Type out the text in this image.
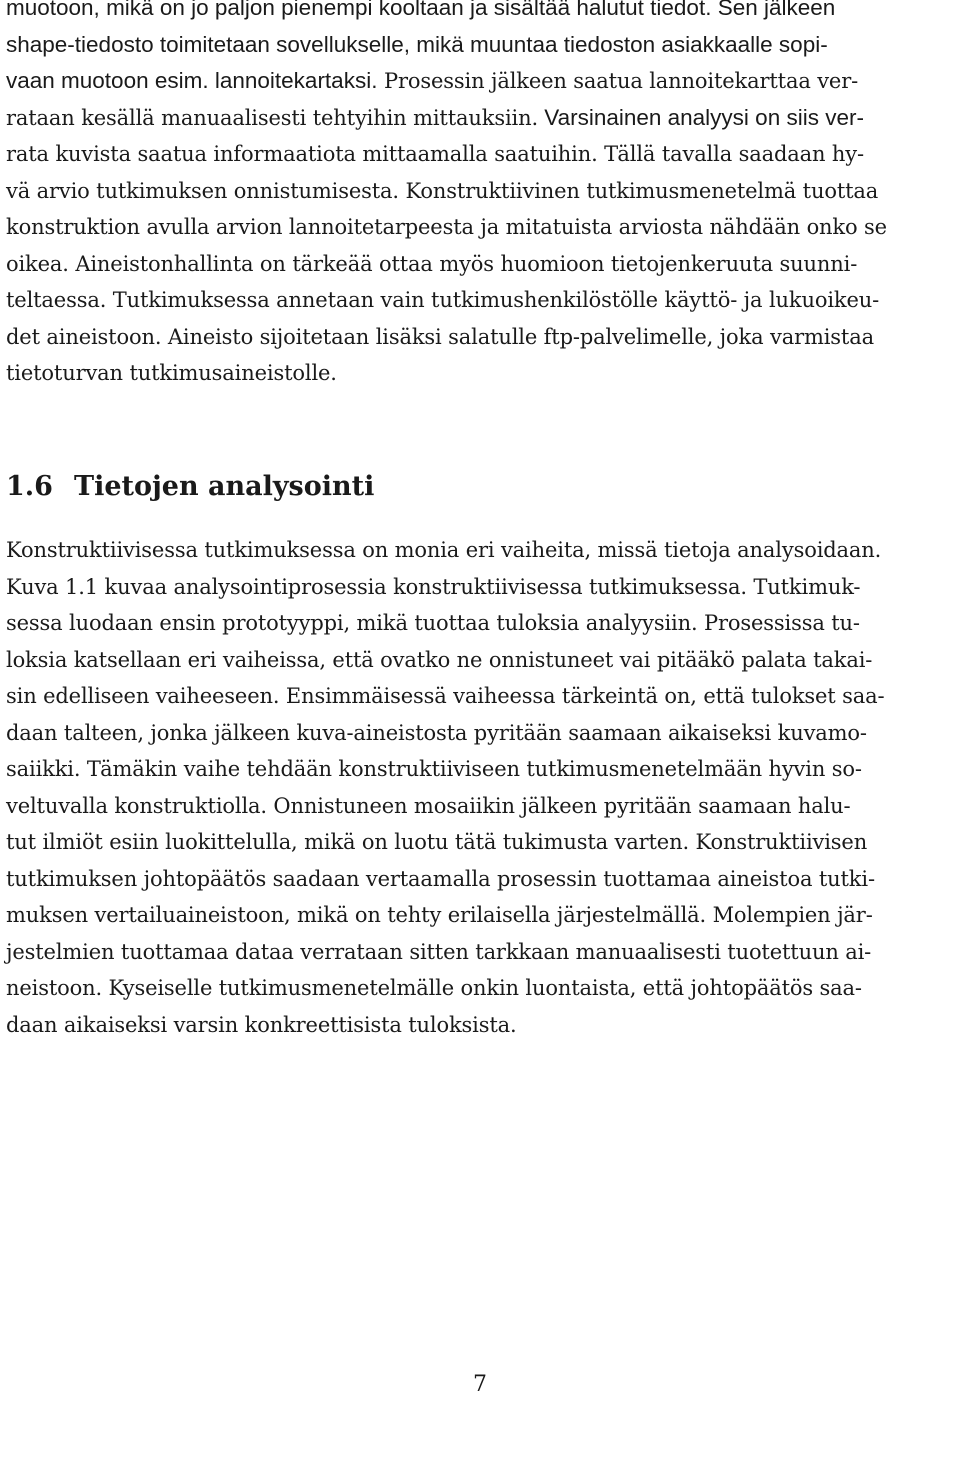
muotoon, mikä on jo paljon pienempi kooltaan ja sisältää halutut tiedot. Sen jälkeen

shape-tiedosto toimitetaan sovellukselle, mikä muuntaa tiedoston asiakkaalle sopi-

vaan muotoon esim. lannoitekartaksi. Prosessin jälkeen saatua lannoitekarttaa ver-

rataan kesällä manuaalisesti tehtyihin mittauksiin. Varsinainen analyysi on siis ver-

rata kuvista saatua informaatiota mittaamalla saatuihin. Tällä tavalla saadaan hy-

vä arvio tutkimuksen onnistumisesta. Konstruktiivinen tutkimusmenetelmä tuottaa

konstruktion avulla arvion lannoitetarpeesta ja mitatuista arviosta nähdään onko se

oikea. Aineistonhallinta on tärkeää ottaa myös huomioon tietojenkeruuta suunni-

teltaessa. Tutkimuksessa annetaan vain tutkimushenkilöstölle käyttö- ja lukuoikeu-

det aineistoon. Aineisto sijoitetaan lisäksi salatulle ftp-palvelimelle, joka varmistaa

tietoturvan tutkimusaineistolle.

1.6 Tietojen analysointi

Konstruktiivisessa tutkimuksessa on monia eri vaiheita, missä tietoja analysoidaan.

Kuva 1.1 kuvaa analysointiprosessia konstruktiivisessa tutkimuksessa. Tutkimuk-

sessa luodaan ensin prototyyppi, mikä tuottaa tuloksia analyysiin. Prosessissa tu-

loksia katsellaan eri vaiheissa, että ovatko ne onnistuneet vai pitääkö palata takai-

sin edelliseen vaiheeseen. Ensimmäisessä vaiheessa tärkeintä on, että tulokset saa-

daan talteen, jonka jälkeen kuva-aineistosta pyritään saamaan aikaiseksi kuvamo-

saiikki. Tämäkin vaihe tehdään konstruktiiviseen tutkimusmenetelmään hyvin so-

veltuvalla konstruktiolla. Onnistuneen mosaiikin jälkeen pyritään saamaan halu-

tut ilmiöt esiin luokittelulla, mikä on luotu tätä tukimusta varten. Konstruktiivisen

tutkimuksen johtopäätös saadaan vertaamalla prosessin tuottamaa aineistoa tutki-

muksen vertailuaineistoon, mikä on tehty erilaisella järjestelmällä. Molempien jär-

jestelmien tuottamaa dataa verrataan sitten tarkkaan manuaalisesti tuotettuun ai-

neistoon. Kyseiselle tutkimusmenetelmälle onkin luontaista, että johtopäätös saa-

daan aikaiseksi varsin konkreettisista tuloksista.

7
